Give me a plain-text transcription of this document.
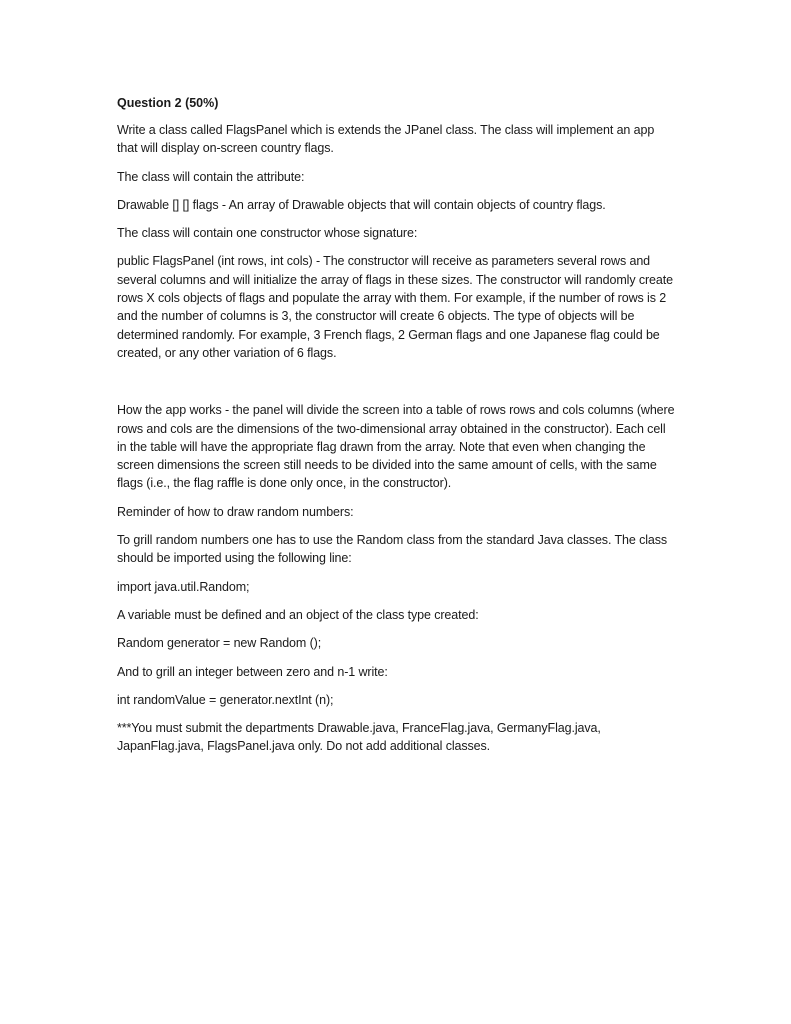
Question 2 (50%)
Write a class called FlagsPanel which is extends the JPanel class. The class will implement an app that will display on-screen country flags.
The class will contain the attribute:
Drawable [] [] flags - An array of Drawable objects that will contain objects of country flags.
The class will contain one constructor whose signature:
public FlagsPanel (int rows, int cols) - The constructor will receive as parameters several rows and several columns and will initialize the array of flags in these sizes. The constructor will randomly create rows X cols objects of flags and populate the array with them. For example, if the number of rows is 2 and the number of columns is 3, the constructor will create 6 objects. The type of objects will be determined randomly. For example, 3 French flags, 2 German flags and one Japanese flag could be created, or any other variation of 6 flags.
How the app works - the panel will divide the screen into a table of rows rows and cols columns (where rows and cols are the dimensions of the two-dimensional array obtained in the constructor). Each cell in the table will have the appropriate flag drawn from the array. Note that even when changing the screen dimensions the screen still needs to be divided into the same amount of cells, with the same flags (i.e., the flag raffle is done only once, in the constructor).
Reminder of how to draw random numbers:
To grill random numbers one has to use the Random class from the standard Java classes. The class should be imported using the following line:
import java.util.Random;
A variable must be defined and an object of the class type created:
Random generator = new Random ();
And to grill an integer between zero and n-1 write:
int randomValue = generator.nextInt (n);
***You must submit the departments Drawable.java, FranceFlag.java, GermanyFlag.java, JapanFlag.java, FlagsPanel.java only. Do not add additional classes.
